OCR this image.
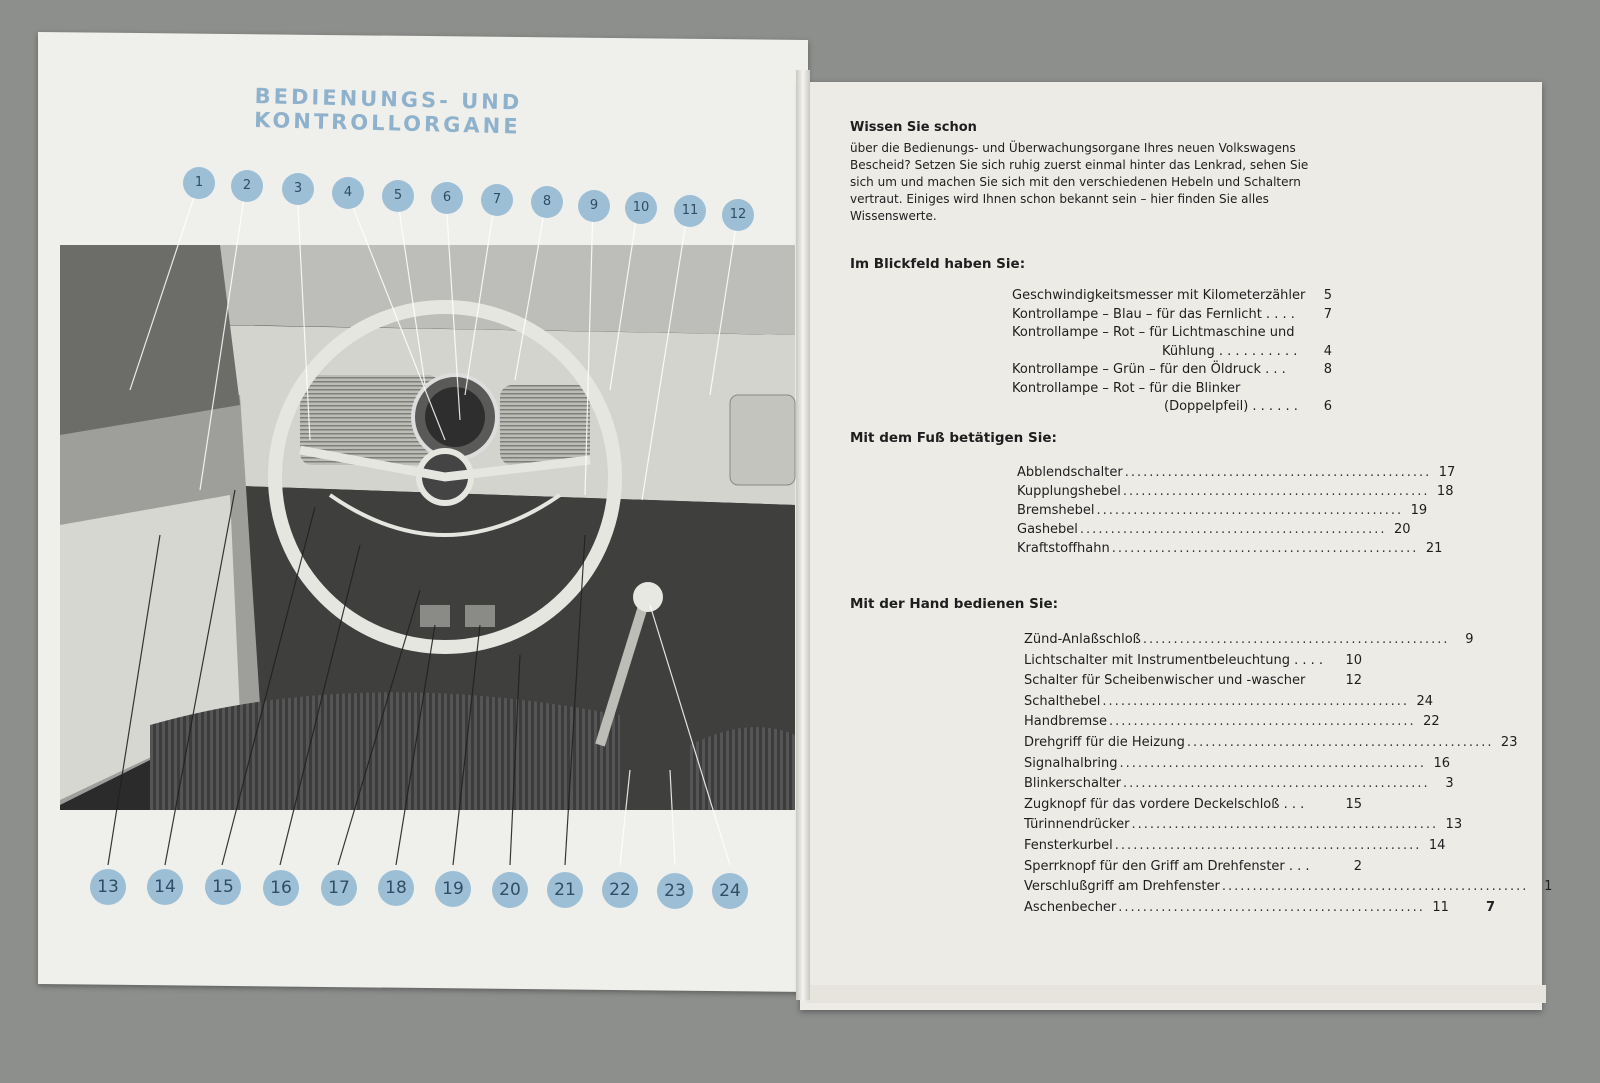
BEDIENUNGS- UND KONTROLLORGANE
1	2	3	4	5	6	7	8	9	10	11	12
13	14	15	16	17	18	19	20	21	22	23	24
Wissen Sie schon
über die Bedienungs- und Überwachungsorgane Ihres neuen Volkswagens
Bescheid? Setzen Sie sich ruhig zuerst einmal hinter das Lenkrad, sehen Sie
sich um und machen Sie sich mit den verschiedenen Hebeln und Schaltern
vertraut. Einiges wird Ihnen schon bekannt sein – hier finden Sie alles
Wissenswerte.
Im Blickfeld haben Sie:
Geschwindigkeitsmesser mit Kilometerzähler	5
Kontrollampe – Blau – für das Fernlicht . . . .	7
Kontrollampe – Rot – für Lichtmaschine und
Kühlung . . . . . . . . . .	4
Kontrollampe – Grün – für den Öldruck . . .	8
Kontrollampe – Rot – für die Blinker
(Doppelpfeil) . . . . . .	6
Mit dem Fuß betätigen Sie:
Abblendschalter .................................................. 17
Kupplungshebel .................................................. 18
Bremshebel .................................................. 19
Gashebel .................................................. 20
Kraftstoffhahn .................................................. 21
Mit der Hand bedienen Sie:
Zünd-Anlaßschloß ..................................................	9
Lichtschalter mit Instrumentbeleuchtung . . . .	10
Schalter für Scheibenwischer und -wascher	12
Schalthebel .................................................. 24
Handbremse .................................................. 22
Drehgriff für die Heizung .................................................. 23
Signalhalbring .................................................. 16
Blinkerschalter ..................................................	3
Zugknopf für das vordere Deckelschloß . . .	15
Türinnendrücker .................................................. 13
Fensterkurbel .................................................. 14
Sperrknopf für den Griff am Drehfenster . . .	2
Verschlußgriff am Drehfenster ..................................................	1
Aschenbecher .................................................. 11	7
